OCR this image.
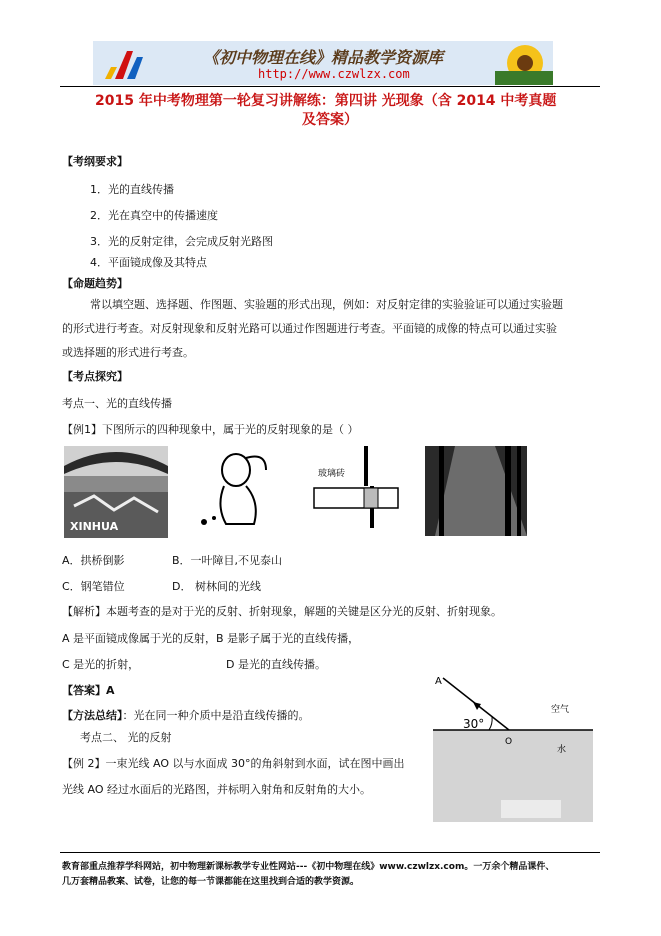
《初中物理在线》精品教学资源库
http://www.czwlzx.com
2015 年中考物理第一轮复习讲解练：第四讲 光现象（含 2014 中考真题
及答案）
【考纲要求】
1．光的直线传播
2．光在真空中的传播速度
3．光的反射定律，会完成反射光路图
4．平面镜成像及其特点
【命题趋势】
常以填空题、选择题、作图题、实验题的形式出现，例如：对反射定律的实验验证可以通过实验题
的形式进行考查。对反射现象和反射光路可以通过作图题进行考查。平面镜的成像的特点可以通过实验
或选择题的形式进行考查。
【考点探究】
考点一、光的直线传播
【例1】下图所示的四种现象中，属于光的反射现象的是（ ）
XINHUA
玻璃砖
A．拱桥倒影	B．一叶障目,不见泰山
C．钢笔错位	D． 树林间的光线
【解析】本题考查的是对于光的反射、折射现象，解题的关键是区分光的反射、折射现象。
A 是平面镜成像属于光的反射，B 是影子属于光的直线传播，
C 是光的折射，	D 是光的直线传播。
【答案】A
【方法总结】：光在同一种介质中是沿直线传播的。
考点二、 光的反射
【例 2】一束光线 AO 以与水面成 30°的角斜射到水面，试在图中画出
光线 AO 经过水面后的光路图，并标明入射角和反射角的大小。
A
30°
O
空气
水
教育部重点推荐学科网站，初中物理新课标教学专业性网站---《初中物理在线》www.czwlzx.com。一万余个精品课件、
几万套精品教案、试卷，让您的每一节课都能在这里找到合适的教学资源。
